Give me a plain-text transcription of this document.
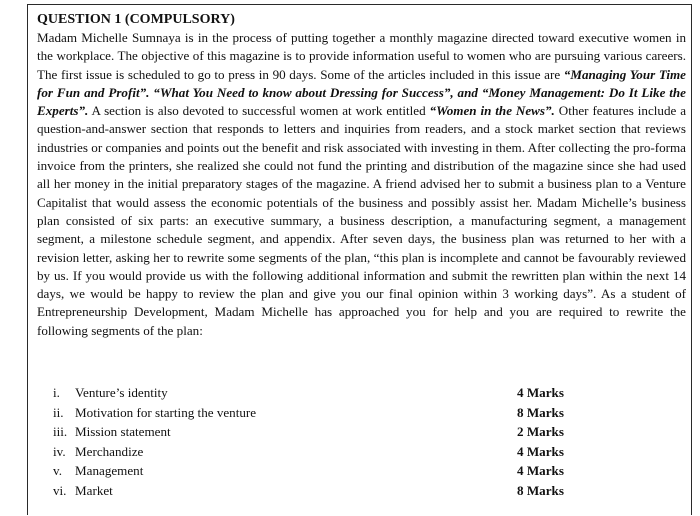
QUESTION 1 (COMPULSORY)

Madam Michelle Sumnaya is in the process of putting together a monthly magazine directed toward executive women in the workplace. The objective of this magazine is to provide information useful to women who are pursuing various careers. The first issue is scheduled to go to press in 90 days. Some of the articles included in this issue are “Managing Your Time for Fun and Profit”. “What You Need to know about Dressing for Success”, and “Money Management: Do It Like the Experts”. A section is also devoted to successful women at work entitled “Women in the News”. Other features include a question-and-answer section that responds to letters and inquiries from readers, and a stock market section that reviews industries or companies and points out the benefit and risk associated with investing in them. After collecting the pro-forma invoice from the printers, she realized she could not fund the printing and distribution of the magazine since she had used all her money in the initial preparatory stages of the magazine. A friend advised her to submit a business plan to a Venture Capitalist that would assess the economic potentials of the business and possibly assist her. Madam Michelle’s business plan consisted of six parts: an executive summary, a business description, a manufacturing segment, a management segment, a milestone schedule segment, and appendix. After seven days, the business plan was returned to her with a revision letter, asking her to rewrite some segments of the plan, “this plan is incomplete and cannot be favourably reviewed by us. If you would provide us with the following additional information and submit the rewritten plan within the next 14 days, we would be happy to review the plan and give you our final opinion within 3 working days”. As a student of Entrepreneurship Development, Madam Michelle has approached you for help and you are required to rewrite the following segments of the plan:

i. Venture’s identity	4 Marks
ii. Motivation for starting the venture	8 Marks
iii. Mission statement	2 Marks
iv. Merchandize	4 Marks
v. Management	4 Marks
vi. Market	8 Marks
